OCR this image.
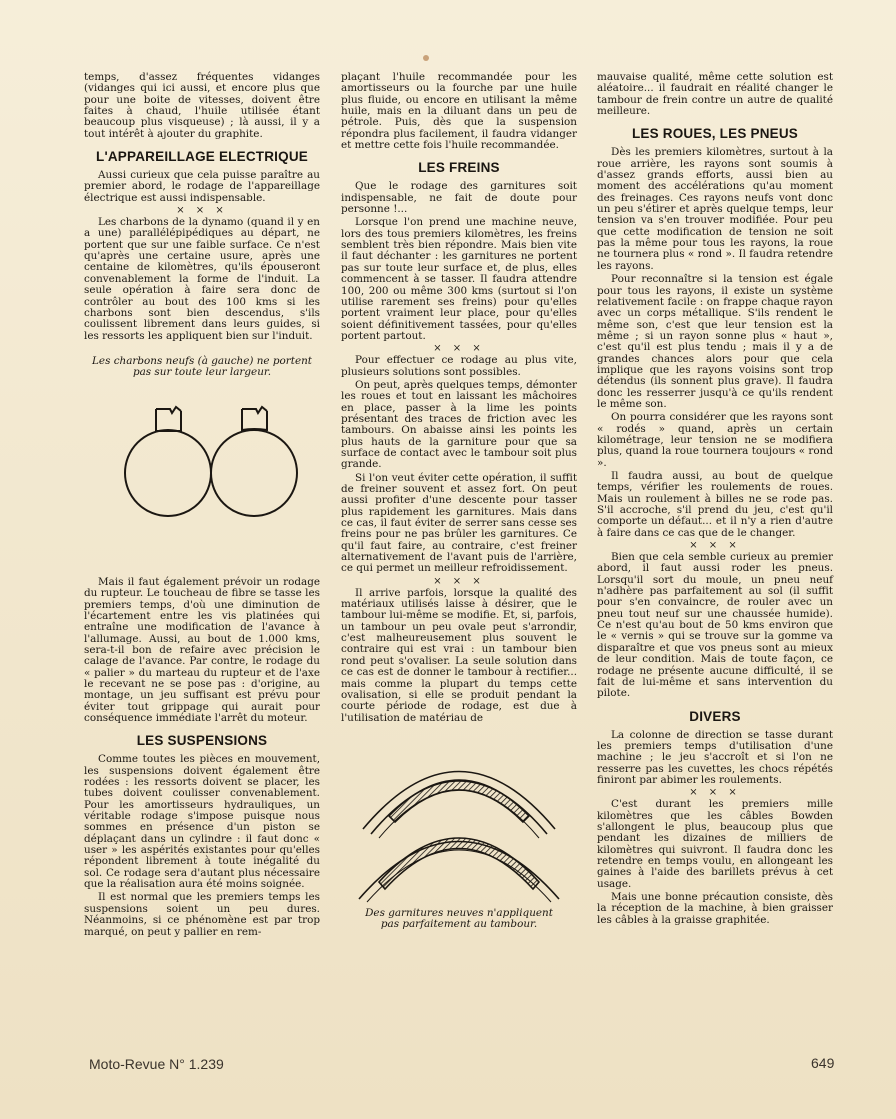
temps, d'assez fréquentes vidanges (vidanges qui ici aussi, et encore plus que pour une boite de vitesses, doivent être faites à chaud, l'huile utilisée étant beaucoup plus visqueuse) ; là aussi, il y a tout intérêt à ajouter du graphite.

L'APPAREILLAGE ELECTRIQUE

Aussi curieux que cela puisse paraître au premier abord, le rodage de l'appareillage électrique est aussi indispensable.

× × ×

Les charbons de la dynamo (quand il y en a une) parallélépipédiques au départ, ne portent que sur une faible surface. Ce n'est qu'après une certaine usure, après une centaine de kilomètres, qu'ils épouseront convenablement la forme de l'induit. La seule opération à faire sera donc de contrôler au bout des 100 kms si les charbons sont bien descendus, s'ils coulissent librement dans leurs guides, si les ressorts les appliquent bien sur l'induit.

Les charbons neufs (à gauche) ne portent pas sur toute leur largeur.

Mais il faut également prévoir un rodage du rupteur. Le toucheau de fibre se tasse les premiers temps, d'où une diminution de l'écartement entre les vis platinées qui entraîne une modification de l'avance à l'allumage. Aussi, au bout de 1.000 kms, sera-t-il bon de refaire avec précision le calage de l'avance. Par contre, le rodage du « palier » du marteau du rupteur et de l'axe le recevant ne se pose pas : d'origine, au montage, un jeu suffisant est prévu pour éviter tout grippage qui aurait pour conséquence immédiate l'arrêt du moteur.

LES SUSPENSIONS

Comme toutes les pièces en mouvement, les suspensions doivent également être rodées : les ressorts doivent se placer, les tubes doivent coulisser convenablement. Pour les amortisseurs hydrauliques, un véritable rodage s'impose puisque nous sommes en présence d'un piston se déplaçant dans un cylindre : il faut donc « user » les aspérités existantes pour qu'elles répondent librement à toute inégalité du sol. Ce rodage sera d'autant plus nécessaire que la réalisation aura été moins soignée.

Il est normal que les premiers temps les suspensions soient un peu dures. Néanmoins, si ce phénomène est par trop marqué, on peut y pallier en rem-

plaçant l'huile recommandée pour les amortisseurs ou la fourche par une huile plus fluide, ou encore en utilisant la même huile, mais en la diluant dans un peu de pétrole. Puis, dès que la suspension répondra plus facilement, il faudra vidanger et mettre cette fois l'huile recommandée.

LES FREINS

Que le rodage des garnitures soit indispensable, ne fait de doute pour personne !...

Lorsque l'on prend une machine neuve, lors des tous premiers kilomètres, les freins semblent très bien répondre. Mais bien vite il faut déchanter : les garnitures ne portent pas sur toute leur surface et, de plus, elles commencent à se tasser. Il faudra attendre 100, 200 ou même 300 kms (surtout si l'on utilise rarement ses freins) pour qu'elles portent vraiment leur place, pour qu'elles soient définitivement tassées, pour qu'elles portent partout.

× × ×

Pour effectuer ce rodage au plus vite, plusieurs solutions sont possibles.

On peut, après quelques temps, démonter les roues et tout en laissant les mâchoires en place, passer à la lime les points présentant des traces de friction avec les tambours. On abaisse ainsi les points les plus hauts de la garniture pour que sa surface de contact avec le tambour soit plus grande.

Si l'on veut éviter cette opération, il suffit de freiner souvent et assez fort. On peut aussi profiter d'une descente pour tasser plus rapidement les garnitures. Mais dans ce cas, il faut éviter de serrer sans cesse ses freins pour ne pas brûler les garnitures. Ce qu'il faut faire, au contraire, c'est freiner alternativement de l'avant puis de l'arrière, ce qui permet un meilleur refroidissement.

× × ×

Il arrive parfois, lorsque la qualité des matériaux utilisés laisse à désirer, que le tambour lui-même se modifie. Et, si, parfois, un tambour un peu ovale peut s'arrondir, c'est malheureusement plus souvent le contraire qui est vrai : un tambour bien rond peut s'ovaliser. La seule solution dans ce cas est de donner le tambour à rectifier... mais comme la plupart du temps cette ovalisation, si elle se produit pendant la courte période de rodage, est due à l'utilisation de matériau de

Des garnitures neuves n'appliquent pas parfaitement au tambour.

mauvaise qualité, même cette solution est aléatoire... il faudrait en réalité changer le tambour de frein contre un autre de qualité meilleure.

LES ROUES, LES PNEUS

Dès les premiers kilomètres, surtout à la roue arrière, les rayons sont soumis à d'assez grands efforts, aussi bien au moment des accélérations qu'au moment des freinages. Ces rayons neufs vont donc un peu s'étirer et après quelque temps, leur tension va s'en trouver modifiée. Pour peu que cette modification de tension ne soit pas la même pour tous les rayons, la roue ne tournera plus « rond ». Il faudra retendre les rayons.

Pour reconnaître si la tension est égale pour tous les rayons, il existe un système relativement facile : on frappe chaque rayon avec un corps métallique. S'ils rendent le même son, c'est que leur tension est la même ; si un rayon sonne plus « haut », c'est qu'il est plus tendu ; mais il y a de grandes chances alors pour que cela implique que les rayons voisins sont trop détendus (ils sonnent plus grave). Il faudra donc les resserrer jusqu'à ce qu'ils rendent le même son.

On pourra considérer que les rayons sont « rodés » quand, après un certain kilométrage, leur tension ne se modifiera plus, quand la roue tournera toujours « rond ».

Il faudra aussi, au bout de quelque temps, vérifier les roulements de roues. Mais un roulement à billes ne se rode pas. S'il accroche, s'il prend du jeu, c'est qu'il comporte un défaut... et il n'y a rien d'autre à faire dans ce cas que de le changer.

× × ×

Bien que cela semble curieux au premier abord, il faut aussi roder les pneus. Lorsqu'il sort du moule, un pneu neuf n'adhère pas parfaitement au sol (il suffit pour s'en convaincre, de rouler avec un pneu tout neuf sur une chaussée humide). Ce n'est qu'au bout de 50 kms environ que le « vernis » qui se trouve sur la gomme va disparaître et que vos pneus sont au mieux de leur condition. Mais de toute façon, ce rodage ne présente aucune difficulté, il se fait de lui-même et sans intervention du pilote.

DIVERS

La colonne de direction se tasse durant les premiers temps d'utilisation d'une machine ; le jeu s'accroît et si l'on ne resserre pas les cuvettes, les chocs répétés finiront par abimer les roulements.

× × ×

C'est durant les premiers mille kilomètres que les câbles Bowden s'allongent le plus, beaucoup plus que pendant les dizaines de milliers de kilomètres qui suivront. Il faudra donc les retendre en temps voulu, en allongeant les gaines à l'aide des barillets prévus à cet usage.

Mais une bonne précaution consiste, dès la réception de la machine, à bien graisser les câbles à la graisse graphitée.

Moto-Revue N° 1.239	649
